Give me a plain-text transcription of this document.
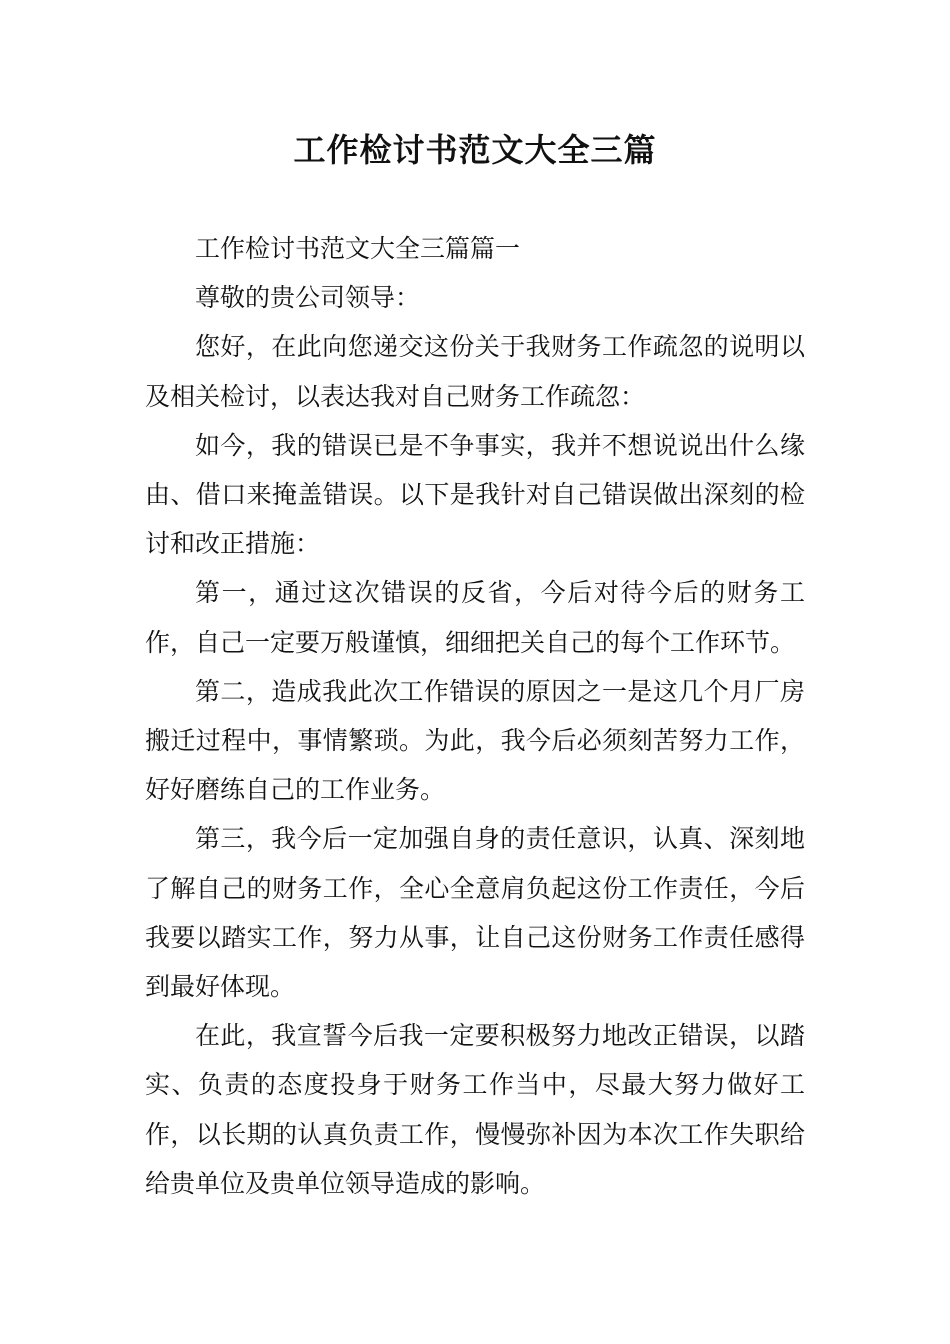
工作检讨书范文大全三篇

工作检讨书范文大全三篇篇一

尊敬的贵公司领导：

您好，在此向您递交这份关于我财务工作疏忽的说明以及相关检讨，以表达我对自己财务工作疏忽：

如今，我的错误已是不争事实，我并不想说说出什么缘由、借口来掩盖错误。以下是我针对自己错误做出深刻的检讨和改正措施：

第一，通过这次错误的反省，今后对待今后的财务工作，自己一定要万般谨慎，细细把关自己的每个工作环节。

第二，造成我此次工作错误的原因之一是这几个月厂房搬迁过程中，事情繁琐。为此，我今后必须刻苦努力工作，好好磨练自己的工作业务。

第三，我今后一定加强自身的责任意识，认真、深刻地了解自己的财务工作，全心全意肩负起这份工作责任，今后我要以踏实工作，努力从事，让自己这份财务工作责任感得到最好体现。

在此，我宣誓今后我一定要积极努力地改正错误，以踏实、负责的态度投身于财务工作当中，尽最大努力做好工作，以长期的认真负责工作，慢慢弥补因为本次工作失职给给贵单位及贵单位领导造成的影响。
